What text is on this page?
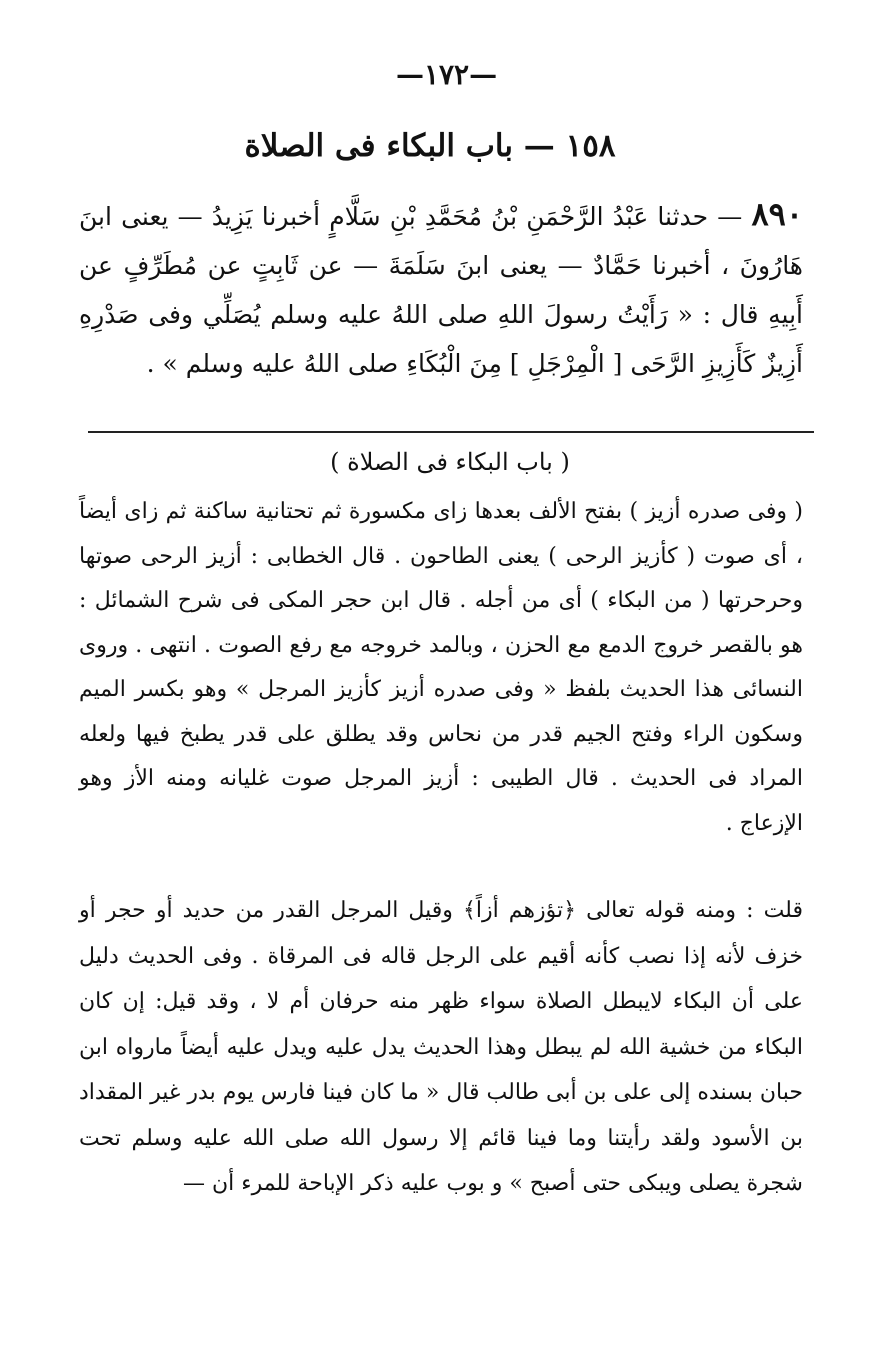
—١٧٢—
١٥٨ — باب البكاء فى الصلاة

٨٩٠ — حدثنا عَبْدُ الرَّحْمَنِ بْنُ مُحَمَّدِ بْنِ سَلَّامٍ أخبرنا يَزِيدُ — يعنى ابنَ هَارُونَ ، أخبرنا حَمَّادٌ — يعنى ابنَ سَلَمَةَ — عن ثَابِتٍ عن مُطَرِّفٍ عن أَبِيهِ قال : « رَأَيْتُ رسولَ اللهِ صلى اللهُ عليه وسلم يُصَلِّي وفى صَدْرِهِ أَزِيزٌ كَأَزِيزِ الرَّحَى [ الْمِرْجَلِ ] مِنَ الْبُكَاءِ صلى اللهُ عليه وسلم » .

( باب البكاء فى الصلاة )

( وفى صدره أزيز ) بفتح الألف بعدها زاى مكسورة ثم تحتانية ساكنة ثم زاى أيضاً ، أى صوت ( كأزيز الرحى ) يعنى الطاحون . قال الخطابى : أزيز الرحى صوتها وحرحرتها ( من البكاء ) أى من أجله . قال ابن حجر المكى فى شرح الشمائل : هو بالقصر خروج الدمع مع الحزن ، وبالمد خروجه مع رفع الصوت . انتهى . وروى النسائى هذا الحديث بلفظ « وفى صدره أزيز كأزيز المرجل » وهو بكسر الميم وسكون الراء وفتح الجيم قدر من نحاس وقد يطلق على قدر يطبخ فيها ولعله المراد فى الحديث . قال الطيبى : أزيز المرجل صوت غليانه ومنه الأز وهو الإزعاج .

قلت : ومنه قوله تعالى ﴿تؤزهم أزاً﴾ وقيل المرجل القدر من حديد أو حجر أو خزف لأنه إذا نصب كأنه أقيم على الرجل قاله فى المرقاة . وفى الحديث دليل على أن البكاء لايبطل الصلاة سواء ظهر منه حرفان أم لا ، وقد قيل: إن كان البكاء من خشية الله لم يبطل وهذا الحديث يدل عليه ويدل عليه أيضاً مارواه ابن حبان بسنده إلى على بن أبى طالب قال « ما كان فينا فارس يوم بدر غير المقداد بن الأسود ولقد رأيتنا وما فينا قائم إلا رسول الله صلى الله عليه وسلم تحت شجرة يصلى ويبكى حتى أصبح » و بوب عليه ذكر الإباحة للمرء أن —
